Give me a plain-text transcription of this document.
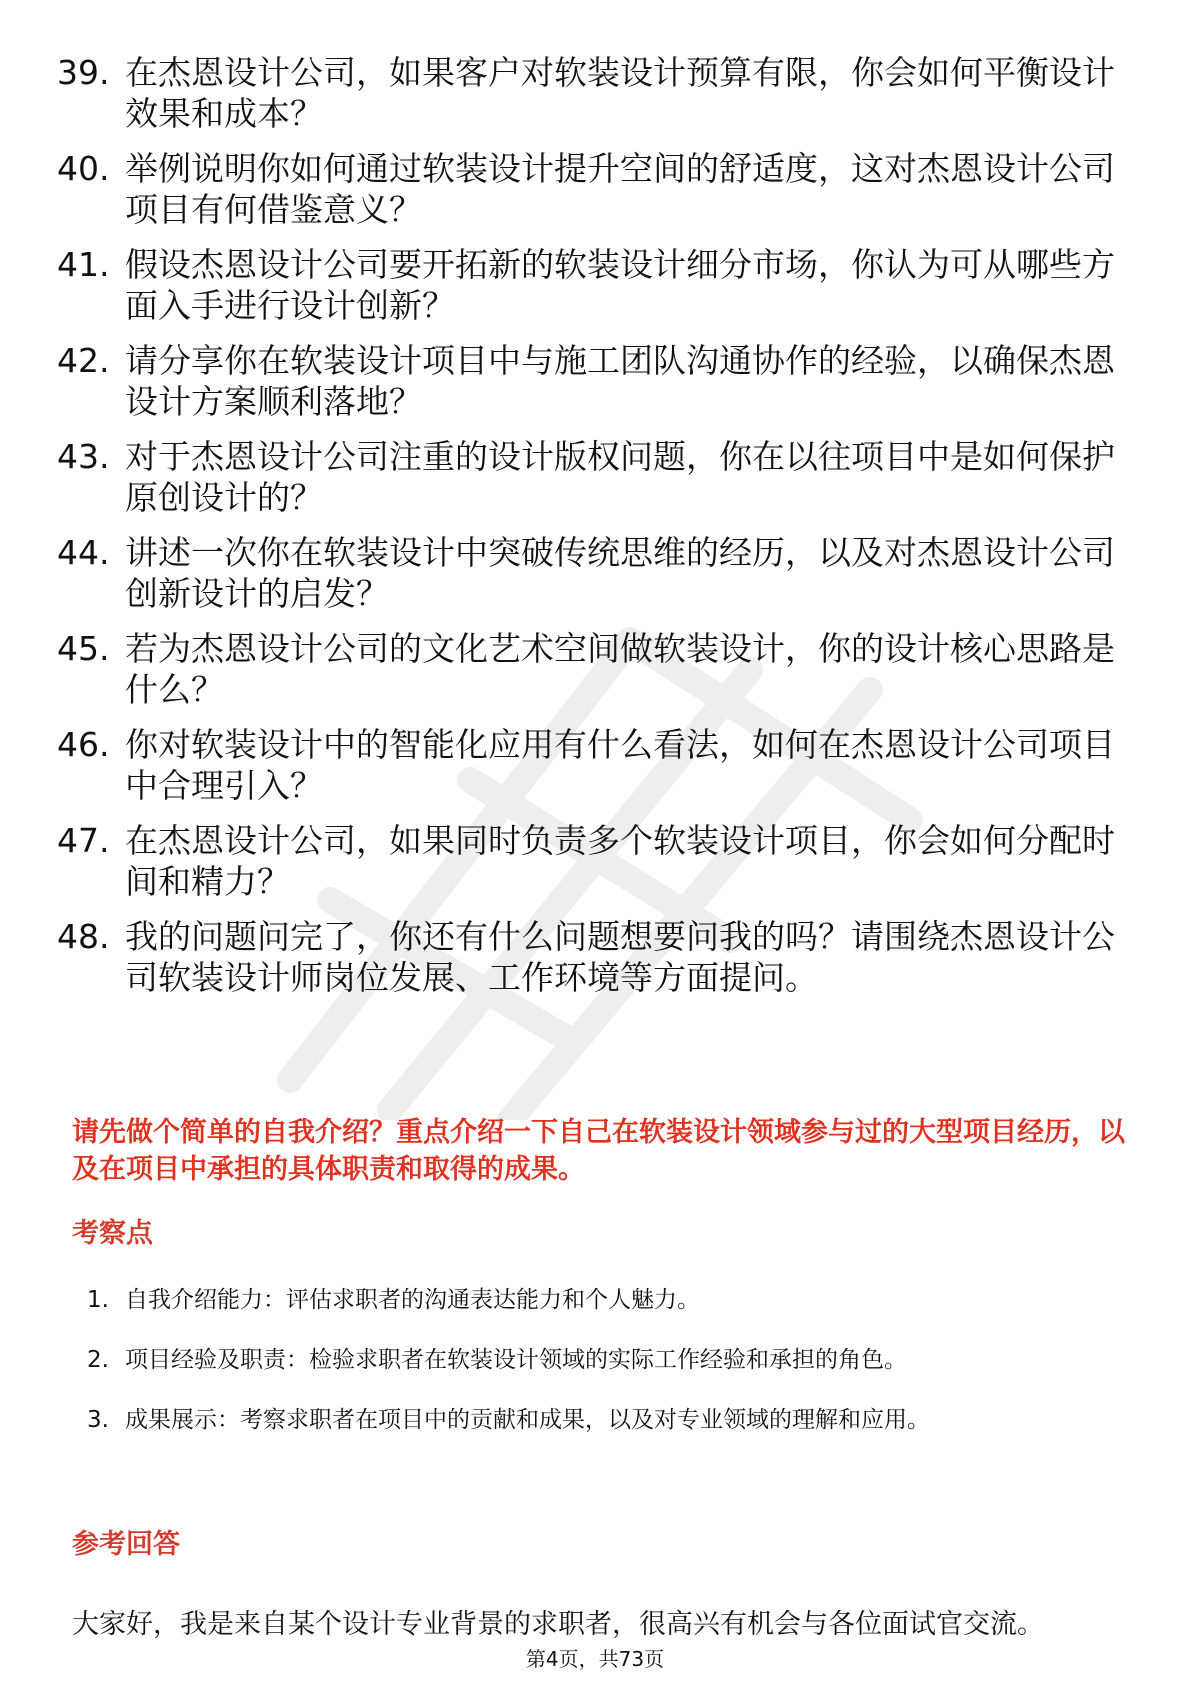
39. 在杰恩设计公司，如果客户对软装设计预算有限，你会如何平衡设计效果和成本？
40. 举例说明你如何通过软装设计提升空间的舒适度，这对杰恩设计公司项目有何借鉴意义？
41. 假设杰恩设计公司要开拓新的软装设计细分市场，你认为可从哪些方面入手进行设计创新？
42. 请分享你在软装设计项目中与施工团队沟通协作的经验，以确保杰恩设计方案顺利落地？
43. 对于杰恩设计公司注重的设计版权问题，你在以往项目中是如何保护原创设计的？
44. 讲述一次你在软装设计中突破传统思维的经历，以及对杰恩设计公司创新设计的启发？
45. 若为杰恩设计公司的文化艺术空间做软装设计，你的设计核心思路是什么？
46. 你对软装设计中的智能化应用有什么看法，如何在杰恩设计公司项目中合理引入？
47. 在杰恩设计公司，如果同时负责多个软装设计项目，你会如何分配时间和精力？
48. 我的问题问完了，你还有什么问题想要问我的吗？请围绕杰恩设计公司软装设计师岗位发展、工作环境等方面提问。
请先做个简单的自我介绍？重点介绍一下自己在软装设计领域参与过的大型项目经历，以及在项目中承担的具体职责和取得的成果。
考察点
1. 自我介绍能力：评估求职者的沟通表达能力和个人魅力。
2. 项目经验及职责：检验求职者在软装设计领域的实际工作经验和承担的角色。
3. 成果展示：考察求职者在项目中的贡献和成果，以及对专业领域的理解和应用。
参考回答
大家好，我是来自某个设计专业背景的求职者，很高兴有机会与各位面试官交流。
第4页，共73页
